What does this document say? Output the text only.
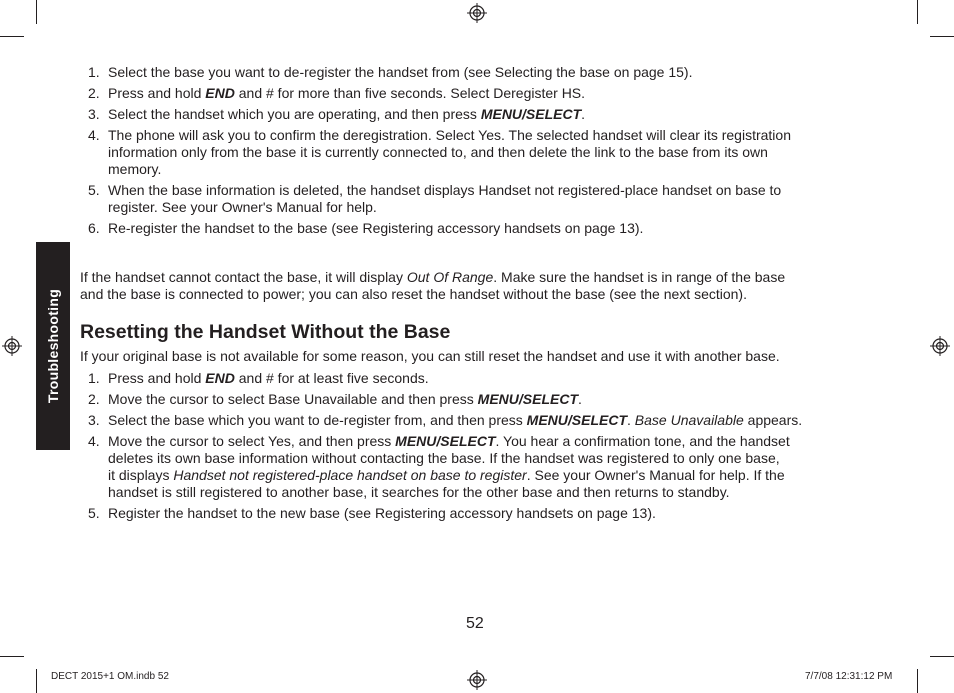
Troubleshooting
1. Select the base you want to de-register the handset from (see Selecting the base on page 15).
2. Press and hold END and # for more than five seconds. Select Deregister HS.
3. Select the handset which you are operating, and then press MENU/SELECT.
4. The phone will ask you to confirm the deregistration. Select Yes. The selected handset will clear its registration
information only from the base it is currently connected to, and then delete the link to the base from its own
memory.
5. When the base information is deleted, the handset displays Handset not registered-place handset on base to
register. See your Owner's Manual for help.
6. Re-register the handset to the base (see Registering accessory handsets on page 13).

If the handset cannot contact the base, it will display Out Of Range. Make sure the handset is in range of the base
and the base is connected to power; you can also reset the handset without the base (see the next section).

Resetting the Handset Without the Base

If your original base is not available for some reason, you can still reset the handset and use it with another base.

1. Press and hold END and # for at least five seconds.
2. Move the cursor to select Base Unavailable and then press MENU/SELECT.
3. Select the base which you want to de-register from, and then press MENU/SELECT. Base Unavailable appears.
4. Move the cursor to select Yes, and then press MENU/SELECT. You hear a confirmation tone, and the handset
deletes its own base information without contacting the base. If the handset was registered to only one base,
it displays Handset not registered-place handset on base to register. See your Owner's Manual for help. If the
handset is still registered to another base, it searches for the other base and then returns to standby.
5. Register the handset to the new base (see Registering accessory handsets on page 13).
52
DECT 2015+1 OM.indb 52	7/7/08 12:31:12 PM
